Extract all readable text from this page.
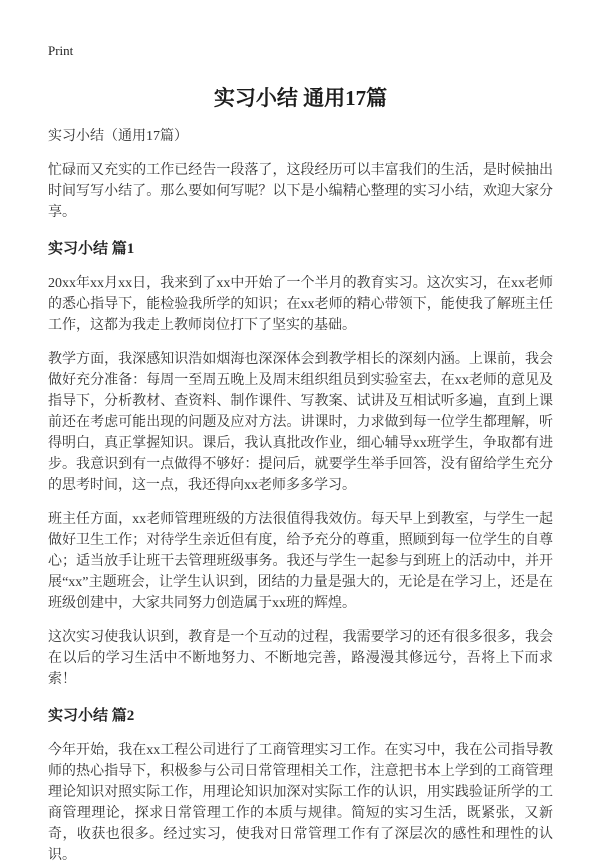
Print
实习小结 通用17篇

实习小结（通用17篇）

忙碌而又充实的工作已经告一段落了，这段经历可以丰富我们的生活，是时候抽出时间写写小结了。那么要如何写呢？以下是小编精心整理的实习小结，欢迎大家分享。

实习小结 篇1

20xx年xx月xx日，我来到了xx中开始了一个半月的教育实习。这次实习，在xx老师的悉心指导下，能检验我所学的知识；在xx老师的精心带领下，能使我了解班主任工作，这都为我走上教师岗位打下了坚实的基础。

教学方面，我深感知识浩如烟海也深深体会到教学相长的深刻内涵。上课前，我会做好充分准备：每周一至周五晚上及周末组织组员到实验室去，在xx老师的意见及指导下，分析教材、查资料、制作课件、写教案、试讲及互相试听多遍，直到上课前还在考虑可能出现的问题及应对方法。讲课时，力求做到每一位学生都理解，听得明白，真正掌握知识。课后，我认真批改作业，细心辅导xx班学生，争取都有进步。我意识到有一点做得不够好：提问后，就要学生举手回答，没有留给学生充分的思考时间，这一点，我还得向xx老师多多学习。

班主任方面，xx老师管理班级的方法很值得我效仿。每天早上到教室，与学生一起做好卫生工作；对待学生亲近但有度，给予充分的尊重，照顾到每一位学生的自尊心；适当放手让班干去管理班级事务。我还与学生一起参与到班上的活动中，并开展“xx”主题班会，让学生认识到，团结的力量是强大的，无论是在学习上，还是在班级创建中，大家共同努力创造属于xx班的辉煌。

这次实习使我认识到，教育是一个互动的过程，我需要学习的还有很多很多，我会在以后的学习生活中不断地努力、不断地完善，路漫漫其修远兮，吾将上下而求索！

实习小结 篇2

今年开始，我在xx工程公司进行了工商管理实习工作。在实习中，我在公司指导教师的热心指导下，积极参与公司日常管理相关工作，注意把书本上学到的工商管理理论知识对照实际工作，用理论知识加深对实际工作的认识，用实践验证所学的工商管理理论，探求日常管理工作的本质与规律。简短的实习生活，既紧张，又新奇，收获也很多。经过实习，使我对日常管理工作有了深层次的感性和理性的认识。
